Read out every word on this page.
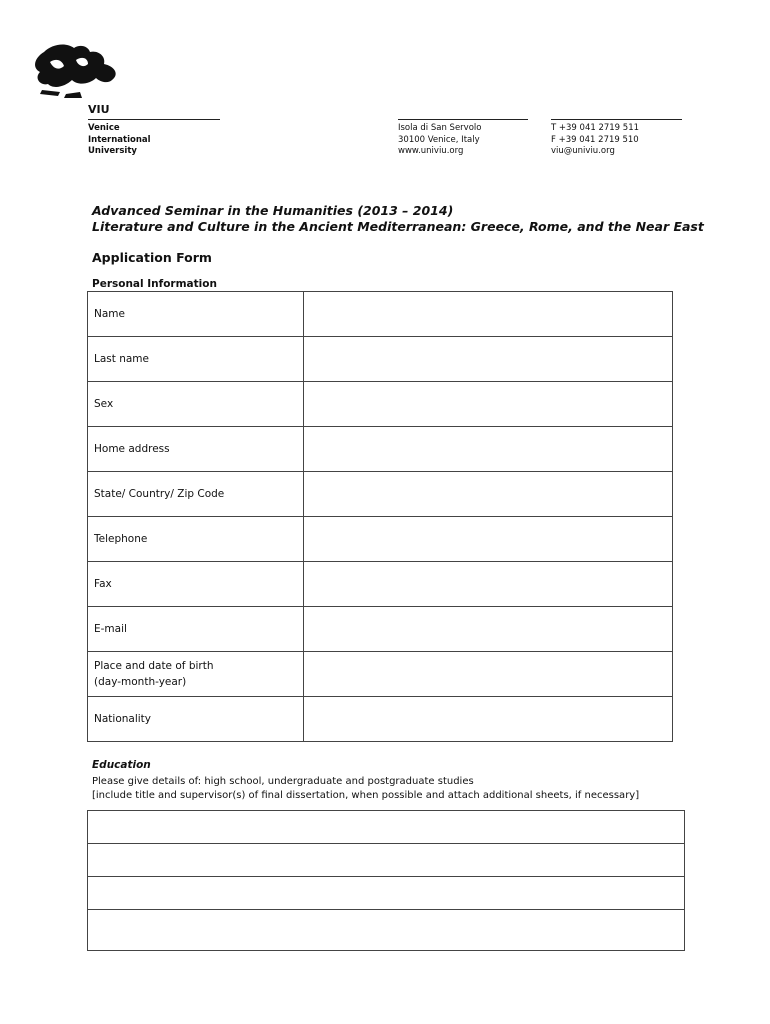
VIU
Venice
International
University
Isola di San Servolo
30100 Venice, Italy
www.univiu.org
T +39 041 2719 511
F +39 041 2719 510
viu@univiu.org
Advanced Seminar in the Humanities (2013 – 2014)
Literature and Culture in the Ancient Mediterranean: Greece, Rome, and the Near East
Application Form
Personal Information
Name	

Last name	

Sex	

Home address	

State/ Country/ Zip Code	

Telephone	

Fax	

E-mail	

Place and date of birth
(day-month-year)	

Nationality	

Education
Please give details of: high school, undergraduate and postgraduate studies
[include title and supervisor(s) of final dissertation, when possible and attach additional sheets, if necessary]
